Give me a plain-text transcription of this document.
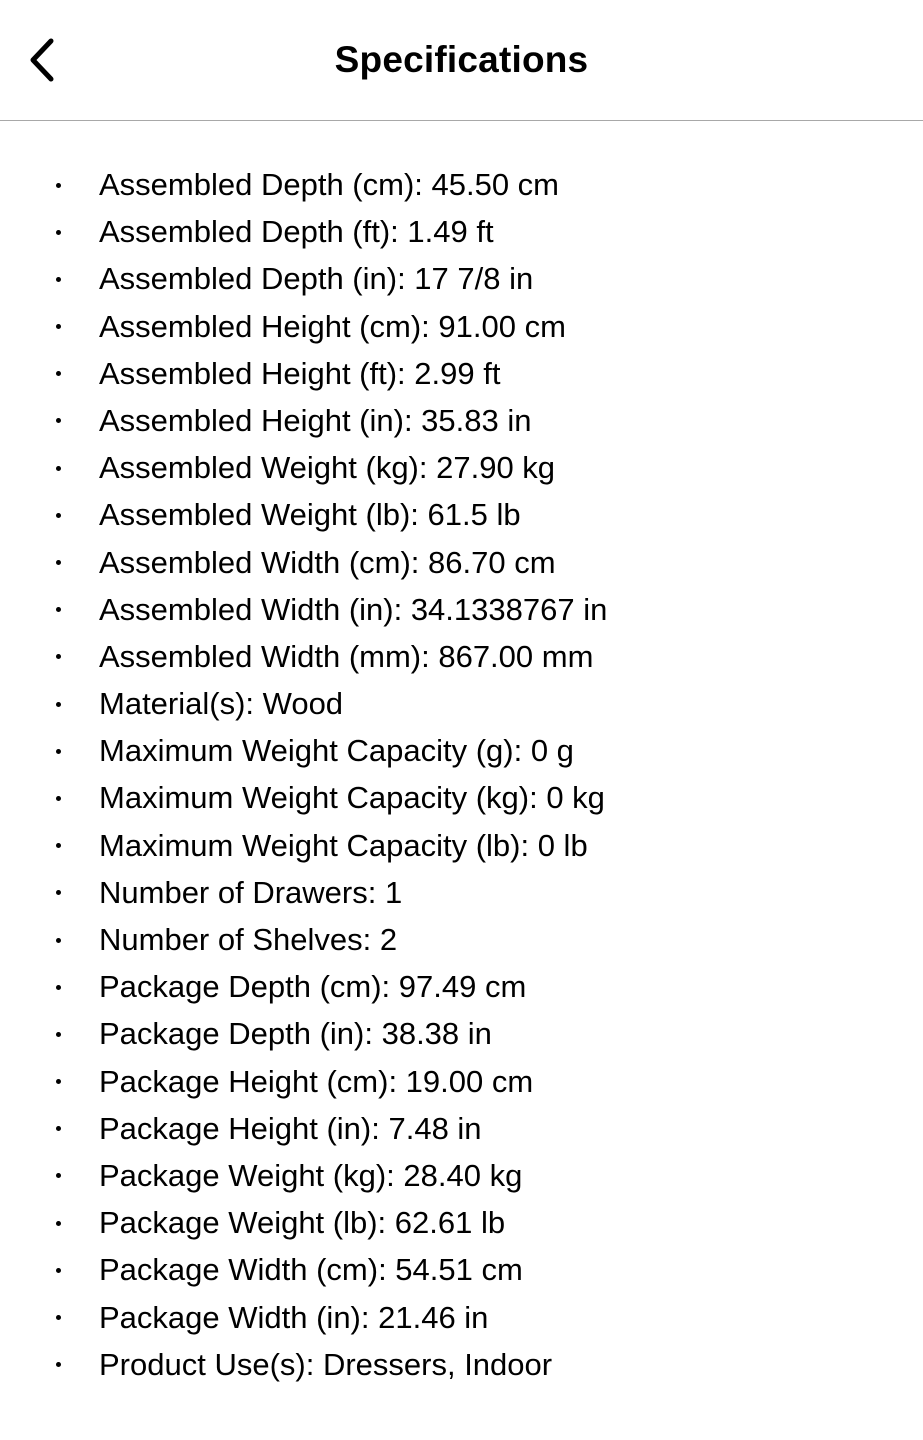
Specifications
Assembled Depth (cm): 45.50 cm
Assembled Depth (ft): 1.49 ft
Assembled Depth (in): 17 7/8 in
Assembled Height (cm): 91.00 cm
Assembled Height (ft): 2.99 ft
Assembled Height (in): 35.83 in
Assembled Weight (kg): 27.90 kg
Assembled Weight (lb): 61.5 lb
Assembled Width (cm): 86.70 cm
Assembled Width (in): 34.1338767 in
Assembled Width (mm): 867.00 mm
Material(s): Wood
Maximum Weight Capacity (g): 0 g
Maximum Weight Capacity (kg): 0 kg
Maximum Weight Capacity (lb): 0 lb
Number of Drawers: 1
Number of Shelves: 2
Package Depth (cm): 97.49 cm
Package Depth (in): 38.38 in
Package Height (cm): 19.00 cm
Package Height (in): 7.48 in
Package Weight (kg): 28.40 kg
Package Weight (lb): 62.61 lb
Package Width (cm): 54.51 cm
Package Width (in): 21.46 in
Product Use(s): Dressers, Indoor
